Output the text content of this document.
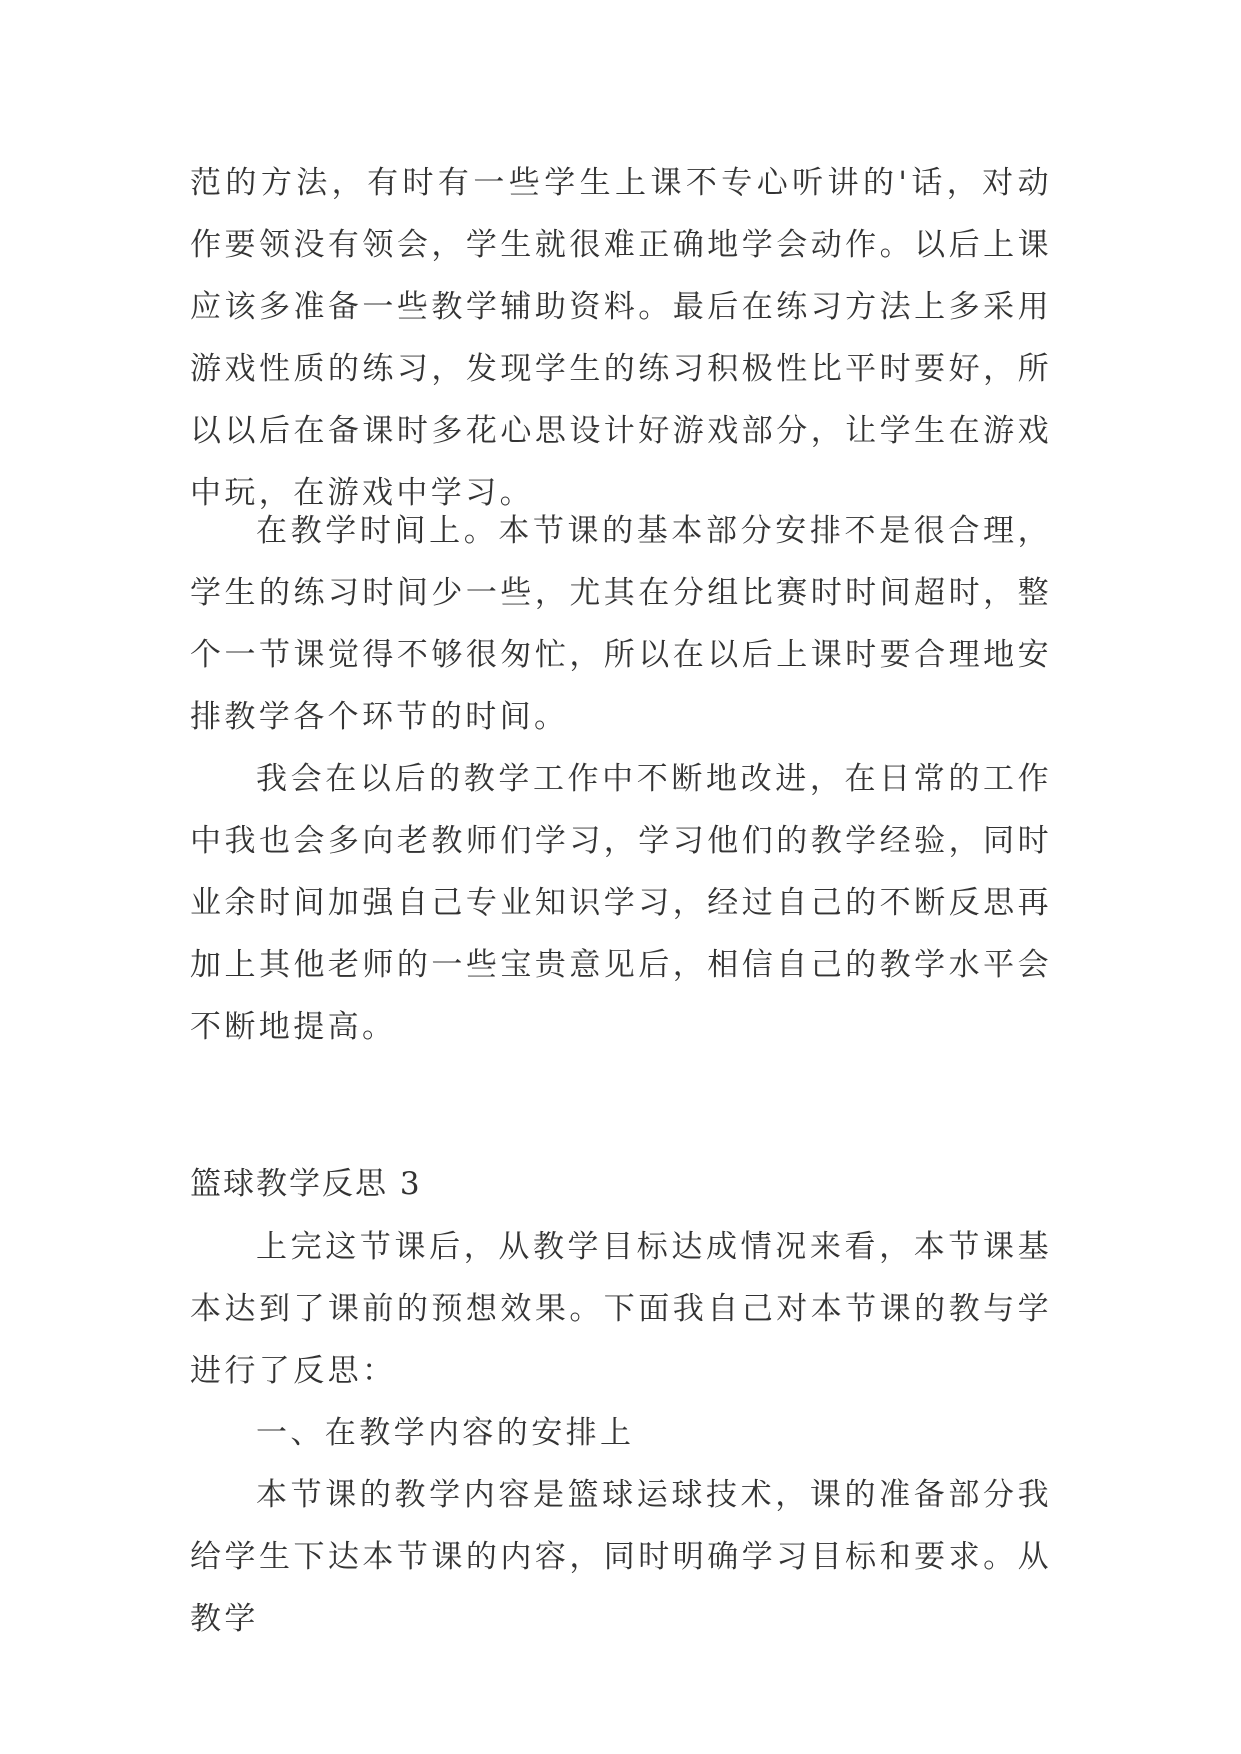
范的方法，有时有一些学生上课不专心听讲的'话，对动作要领没有领会，学生就很难正确地学会动作。以后上课应该多准备一些教学辅助资料。最后在练习方法上多采用游戏性质的练习，发现学生的练习积极性比平时要好，所以以后在备课时多花心思设计好游戏部分，让学生在游戏中玩，在游戏中学习。
在教学时间上。本节课的基本部分安排不是很合理，学生的练习时间少一些，尤其在分组比赛时时间超时，整个一节课觉得不够很匆忙，所以在以后上课时要合理地安排教学各个环节的时间。
我会在以后的教学工作中不断地改进，在日常的工作中我也会多向老教师们学习，学习他们的教学经验，同时业余时间加强自己专业知识学习，经过自己的不断反思再加上其他老师的一些宝贵意见后，相信自己的教学水平会不断地提高。
篮球教学反思 3
上完这节课后，从教学目标达成情况来看，本节课基本达到了课前的预想效果。下面我自己对本节课的教与学进行了反思：
一、在教学内容的安排上
本节课的教学内容是篮球运球技术，课的准备部分我给学生下达本节课的内容，同时明确学习目标和要求。从教学
